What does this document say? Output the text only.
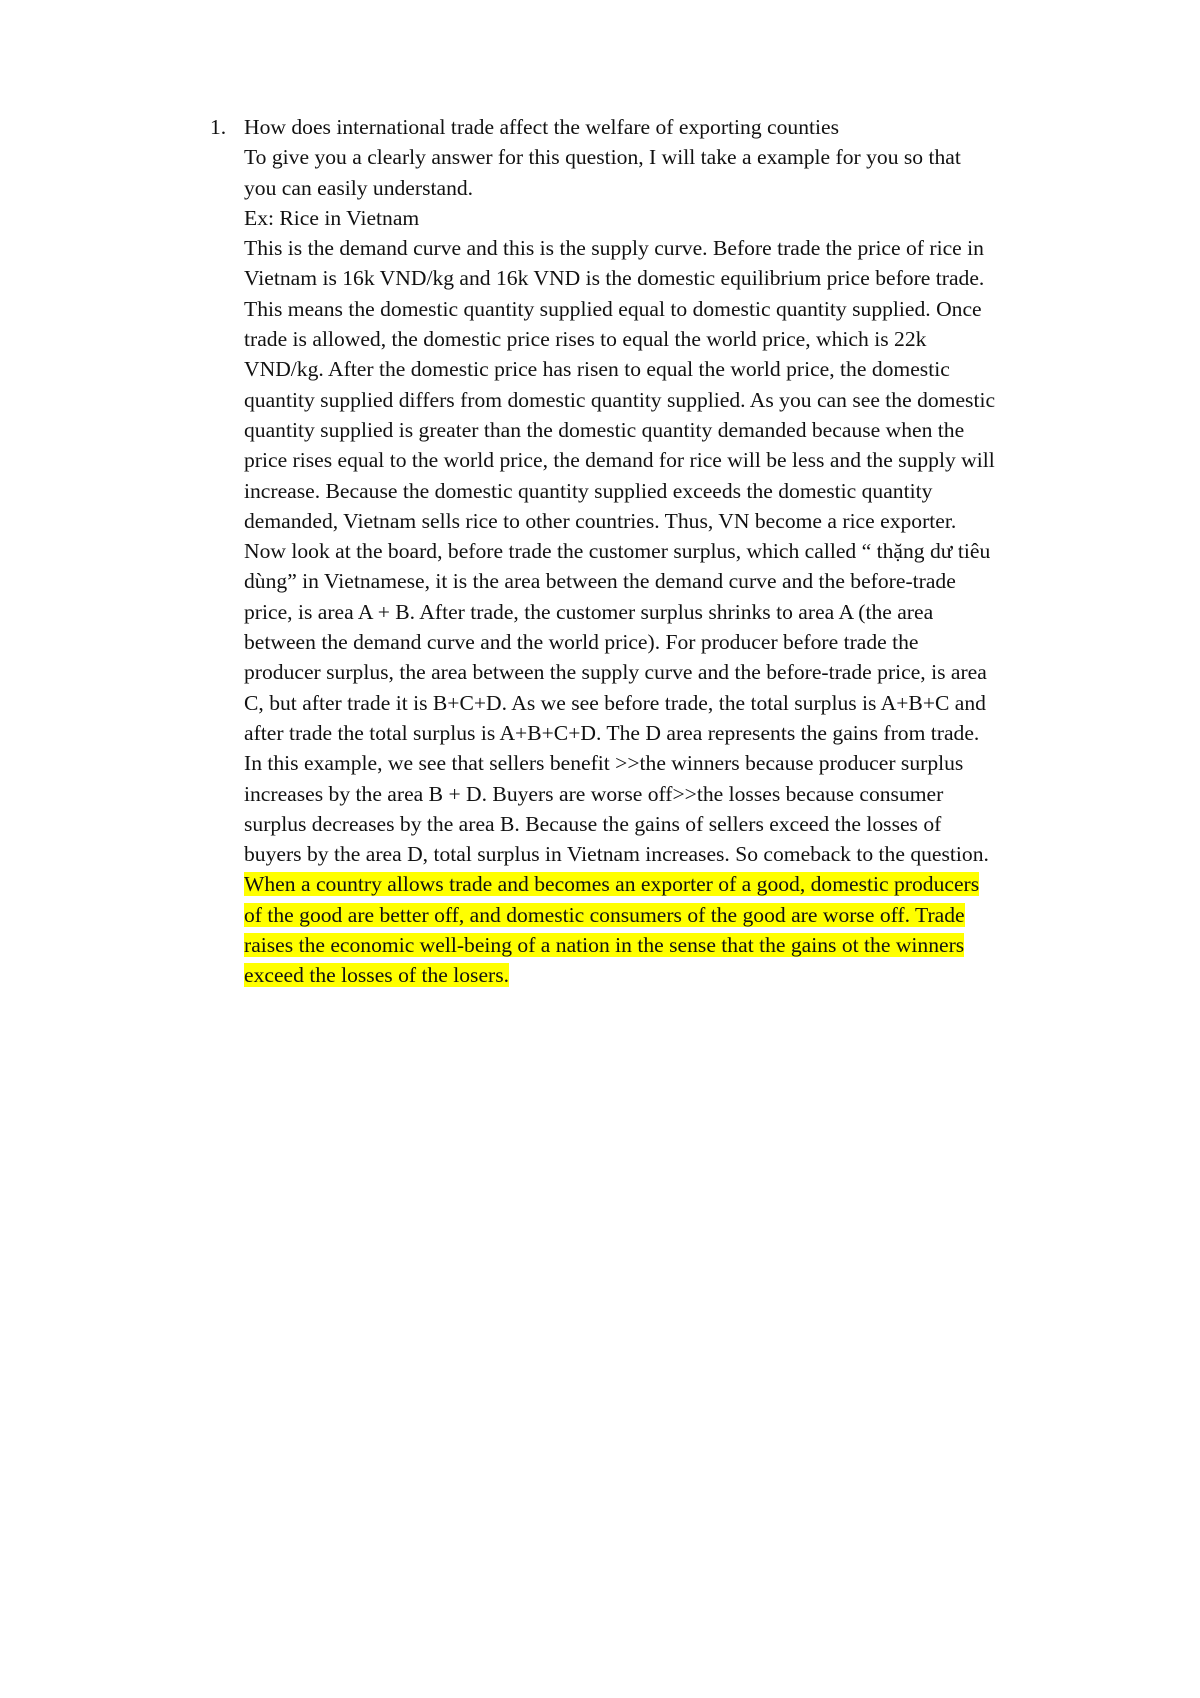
1. How does international trade affect the welfare of exporting counties
To give you a clearly answer for this question, I will take a example for you so that
you can easily understand.
Ex: Rice in Vietnam
This is the demand curve and this is the supply curve. Before trade the price of rice in
Vietnam is 16k VND/kg and 16k VND is the domestic equilibrium price before trade.
This means the domestic quantity supplied equal to domestic quantity supplied. Once
trade is allowed, the domestic price rises to equal the world price, which is 22k
VND/kg. After the domestic price has risen to equal the world price, the domestic
quantity supplied differs from domestic quantity supplied. As you can see the domestic
quantity supplied is greater than the domestic quantity demanded because when the
price rises equal to the world price, the demand for rice will be less and the supply will
increase. Because the domestic quantity supplied exceeds the domestic quantity
demanded, Vietnam sells rice to other countries. Thus, VN become a rice exporter.
Now look at the board, before trade the customer surplus, which called “ thặng dư tiêu
dùng” in Vietnamese, it is the area between the demand curve and the before-trade
price, is area A + B. After trade, the customer surplus shrinks to area A (the area
between the demand curve and the world price). For producer before trade the
producer surplus, the area between the supply curve and the before-trade price, is area
C, but after trade it is B+C+D. As we see before trade, the total surplus is A+B+C and
after trade the total surplus is A+B+C+D. The D area represents the gains from trade.
In this example, we see that sellers benefit >>the winners because producer surplus
increases by the area B + D. Buyers are worse off>>the losses because consumer
surplus decreases by the area B. Because the gains of sellers exceed the losses of
buyers by the area D, total surplus in Vietnam increases. So comeback to the question.
When a country allows trade and becomes an exporter of a good, domestic producers
of the good are better off, and domestic consumers of the good are worse off. Trade
raises the economic well-being of a nation in the sense that the gains ot the winners
exceed the losses of the losers.
